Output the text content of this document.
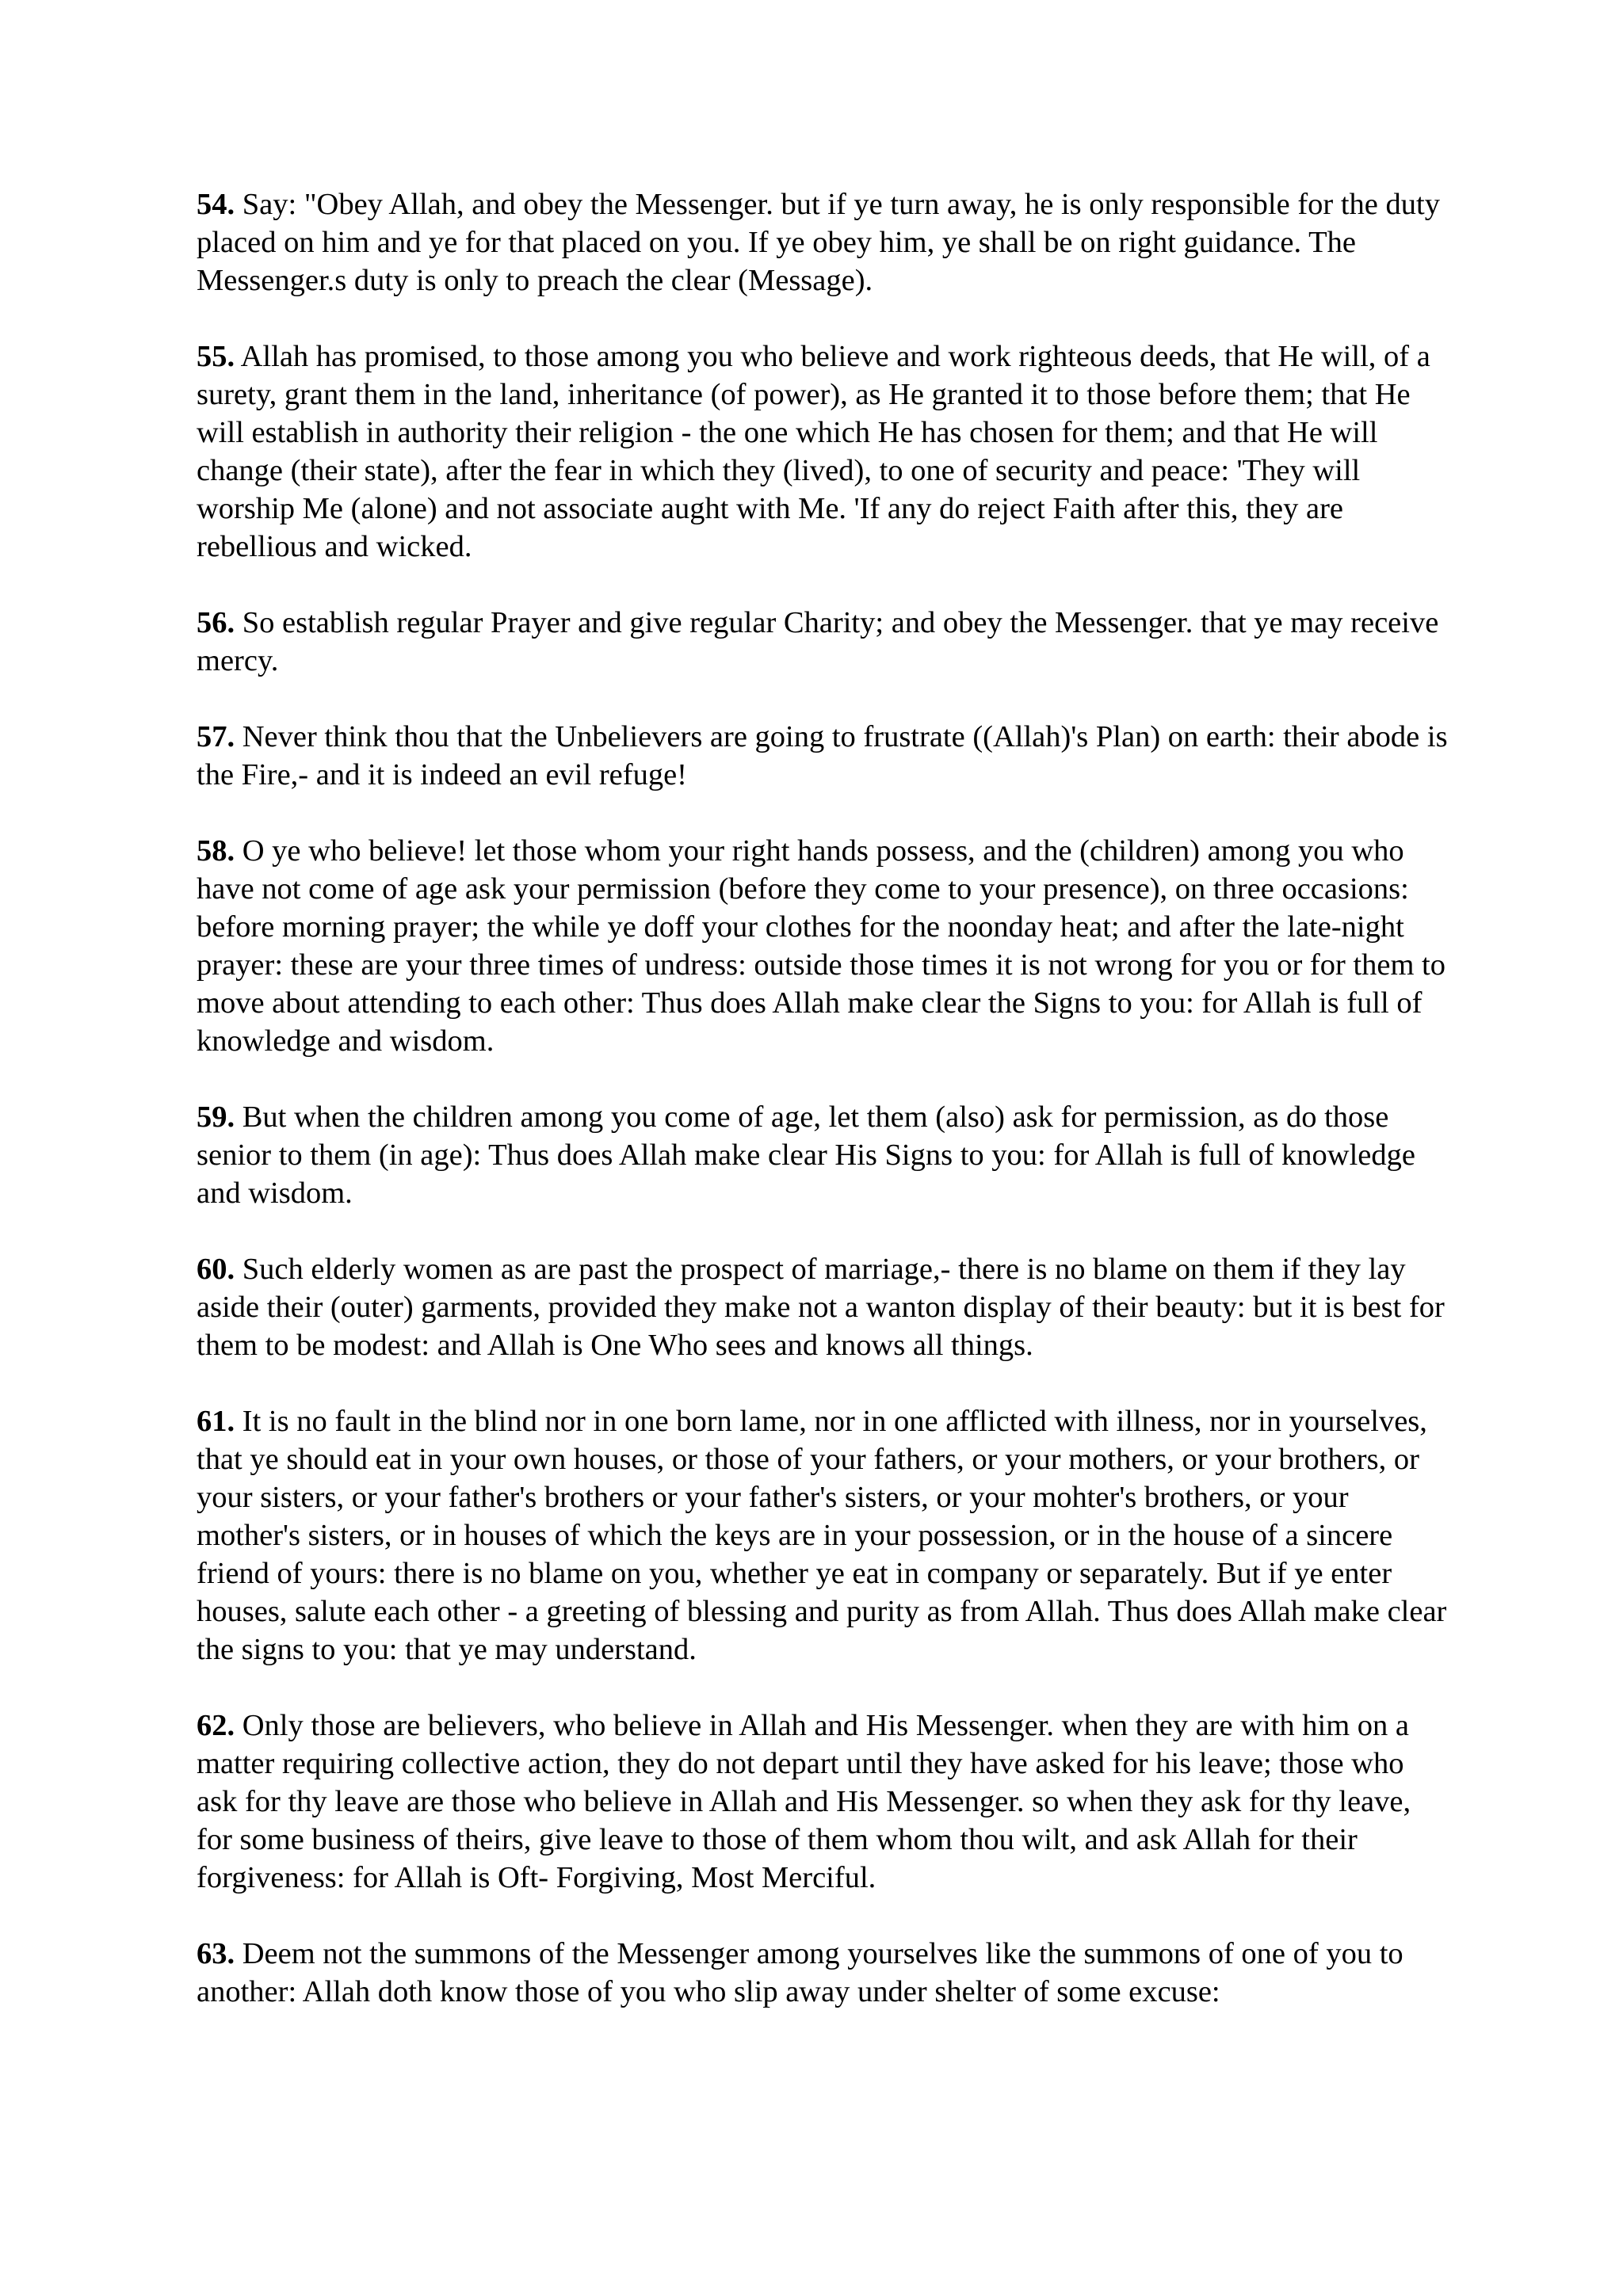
54. Say: "Obey Allah, and obey the Messenger. but if ye turn away, he is only responsible for the duty placed on him and ye for that placed on you. If ye obey him, ye shall be on right guidance. The Messenger.s duty is only to preach the clear (Message).

55. Allah has promised, to those among you who believe and work righteous deeds, that He will, of a surety, grant them in the land, inheritance (of power), as He granted it to those before them; that He will establish in authority their religion - the one which He has chosen for them; and that He will change (their state), after the fear in which they (lived), to one of security and peace: 'They will worship Me (alone) and not associate aught with Me. 'If any do reject Faith after this, they are rebellious and wicked.

56. So establish regular Prayer and give regular Charity; and obey the Messenger. that ye may receive mercy.

57. Never think thou that the Unbelievers are going to frustrate ((Allah)'s Plan) on earth: their abode is the Fire,- and it is indeed an evil refuge!

58. O ye who believe! let those whom your right hands possess, and the (children) among you who have not come of age ask your permission (before they come to your presence), on three occasions: before morning prayer; the while ye doff your clothes for the noonday heat; and after the late-night prayer: these are your three times of undress: outside those times it is not wrong for you or for them to move about attending to each other: Thus does Allah make clear the Signs to you: for Allah is full of knowledge and wisdom.

59. But when the children among you come of age, let them (also) ask for permission, as do those senior to them (in age): Thus does Allah make clear His Signs to you: for Allah is full of knowledge and wisdom.

60. Such elderly women as are past the prospect of marriage,- there is no blame on them if they lay aside their (outer) garments, provided they make not a wanton display of their beauty: but it is best for them to be modest: and Allah is One Who sees and knows all things.

61. It is no fault in the blind nor in one born lame, nor in one afflicted with illness, nor in yourselves, that ye should eat in your own houses, or those of your fathers, or your mothers, or your brothers, or your sisters, or your father's brothers or your father's sisters, or your mohter's brothers, or your mother's sisters, or in houses of which the keys are in your possession, or in the house of a sincere friend of yours: there is no blame on you, whether ye eat in company or separately. But if ye enter houses, salute each other - a greeting of blessing and purity as from Allah. Thus does Allah make clear the signs to you: that ye may understand.

62. Only those are believers, who believe in Allah and His Messenger. when they are with him on a matter requiring collective action, they do not depart until they have asked for his leave; those who ask for thy leave are those who believe in Allah and His Messenger. so when they ask for thy leave, for some business of theirs, give leave to those of them whom thou wilt, and ask Allah for their forgiveness: for Allah is Oft- Forgiving, Most Merciful.

63. Deem not the summons of the Messenger among yourselves like the summons of one of you to another: Allah doth know those of you who slip away under shelter of some excuse:
